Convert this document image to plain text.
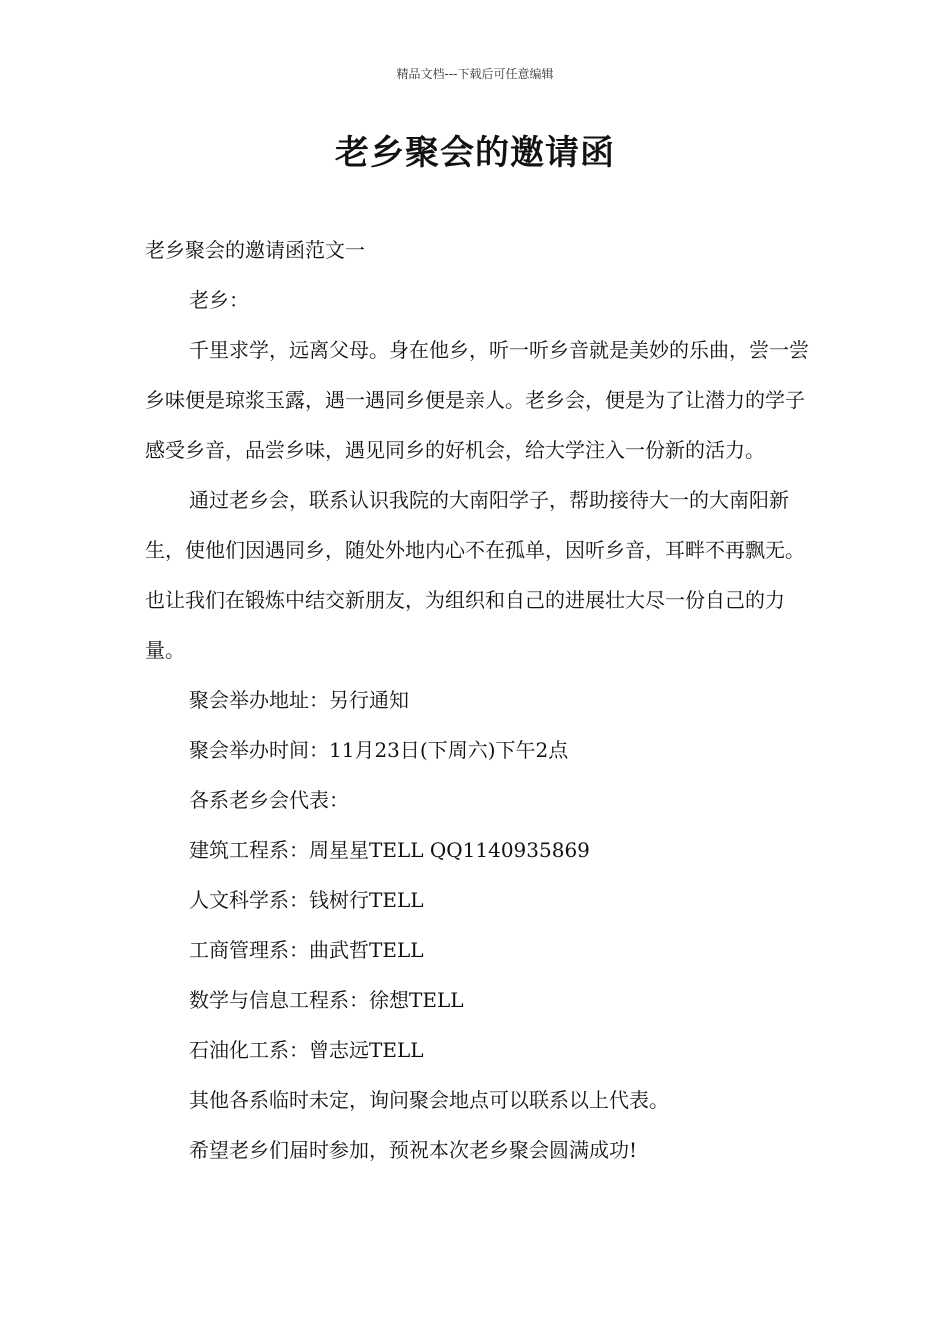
精品文档---下载后可任意编辑
老乡聚会的邀请函

老乡聚会的邀请函范文一

老乡：

千里求学，远离父母。身在他乡，听一听乡音就是美妙的乐曲，尝一尝乡味便是琼浆玉露，遇一遇同乡便是亲人。老乡会，便是为了让潜力的学子感受乡音，品尝乡味，遇见同乡的好机会，给大学注入一份新的活力。

通过老乡会，联系认识我院的大南阳学子，帮助接待大一的大南阳新生，使他们因遇同乡，随处外地内心不在孤单，因听乡音，耳畔不再飘无。也让我们在锻炼中结交新朋友，为组织和自己的进展壮大尽一份自己的力量。

聚会举办地址：另行通知

聚会举办时间：11月23日(下周六)下午2点

各系老乡会代表：

建筑工程系：周星星TELL QQ1140935869

人文科学系：钱树行TELL

工商管理系：曲武哲TELL

数学与信息工程系：徐想TELL

石油化工系：曾志远TELL

其他各系临时未定，询问聚会地点可以联系以上代表。

希望老乡们届时参加，预祝本次老乡聚会圆满成功!
